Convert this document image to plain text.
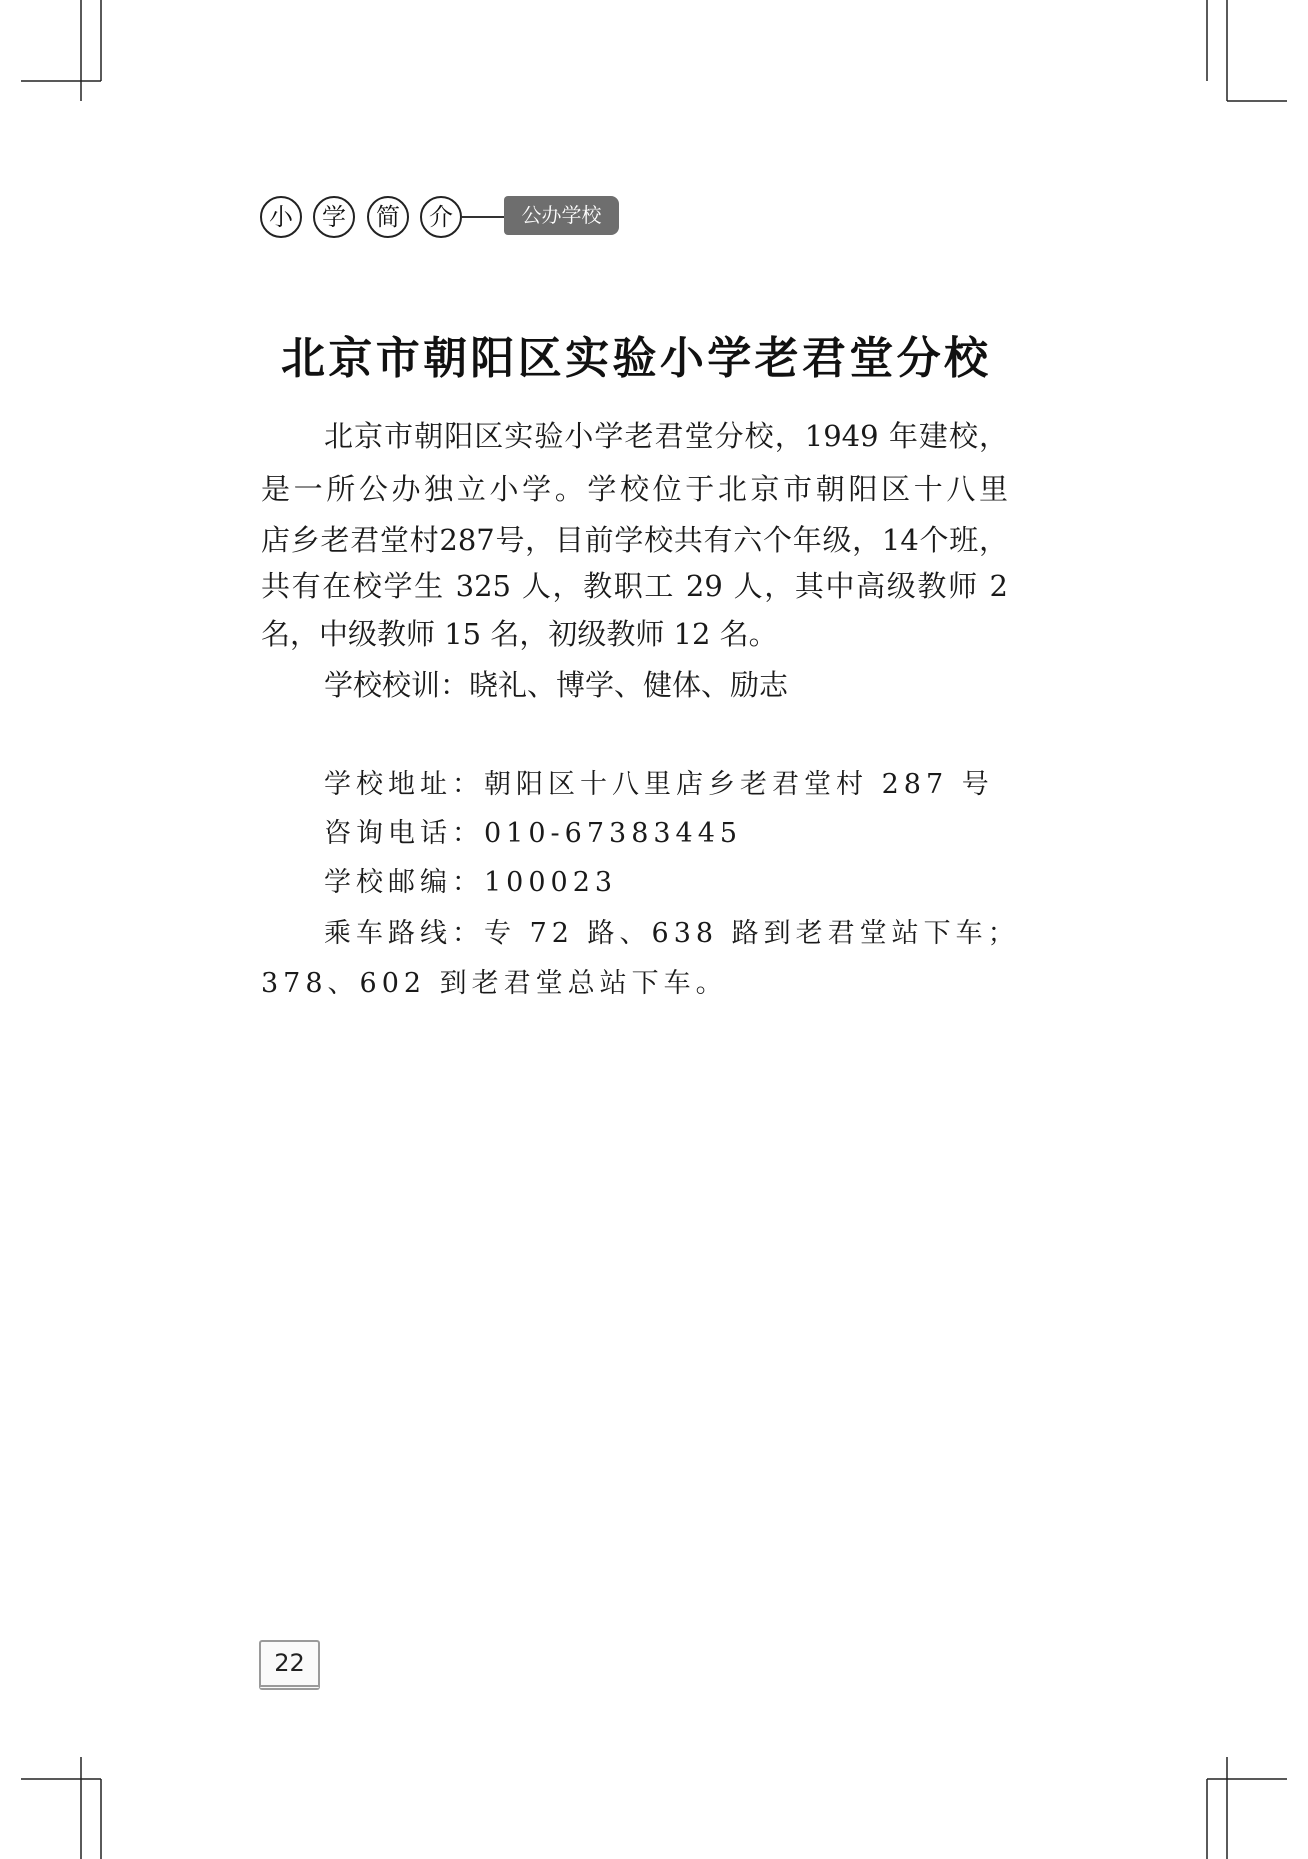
小	学	简	介	公办学校
北京市朝阳区实验小学老君堂分校
北京市朝阳区实验小学老君堂分校，1949 年建校，
是一所公办独立小学。学校位于北京市朝阳区十八里
店乡老君堂村287号，目前学校共有六个年级，14个班，
共有在校学生 325 人，教职工 29 人，其中高级教师 2
名，中级教师 15 名，初级教师 12 名。
学校校训：晓礼、博学、健体、励志
学校地址：朝阳区十八里店乡老君堂村 287 号
咨询电话：010-67383445
学校邮编：100023
乘车路线：专 72 路、638 路到老君堂站下车；
378、602 到老君堂总站下车。
22
